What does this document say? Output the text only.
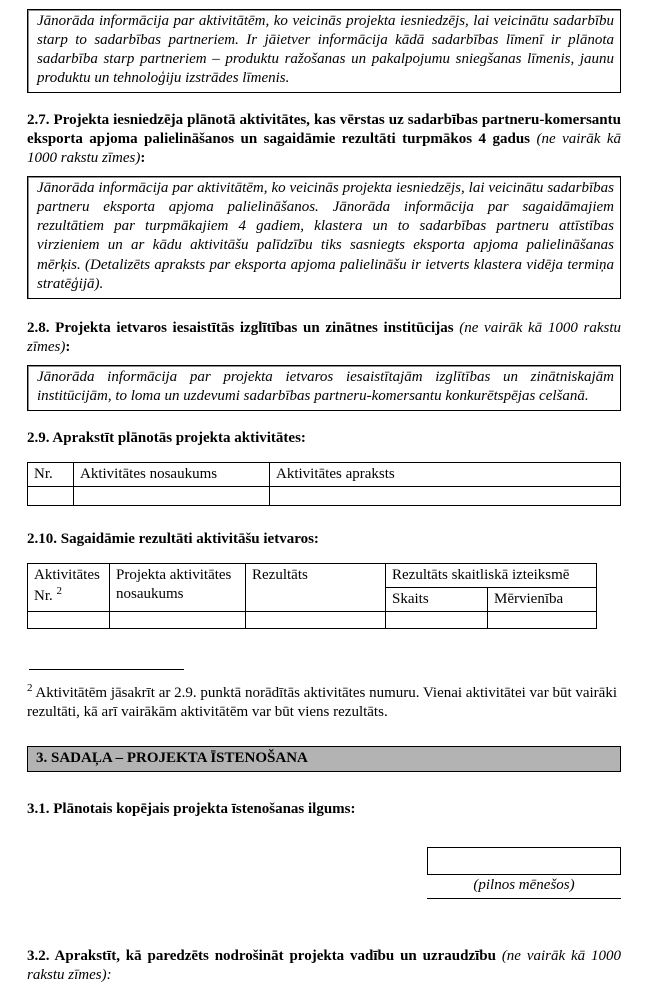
Jānorāda informācija par aktivitātēm, ko veicinās projekta iesniedzējs, lai veicinātu sadarbību starp to sadarbības partneriem. Ir jāietver informācija kādā sadarbības līmenī ir plānota sadarbība starp partneriem – produktu ražošanas un pakalpojumu sniegšanas līmenis, jaunu produktu un tehnoloģiju izstrādes līmenis.

2.7. Projekta iesniedzēja plānotā aktivitātes, kas vērstas uz sadarbības partneru-komersantu eksporta apjoma palielināšanos un sagaidāmie rezultāti turpmākos 4 gadus (ne vairāk kā 1000 rakstu zīmes):

Jānorāda informācija par aktivitātēm, ko veicinās projekta iesniedzējs, lai veicinātu sadarbības partneru eksporta apjoma palielināšanos. Jānorāda informācija par sagaidāmajiem rezultātiem par turpmākajiem 4 gadiem, klastera un to sadarbības partneru attīstības virzieniem un ar kādu aktivitāšu palīdzību tiks sasniegts eksporta apjoma palielināšanas mērķis. (Detalizēts apraksts par eksporta apjoma palielināšu ir ietverts klastera vidēja termiņa stratēģijā).

2.8. Projekta ietvaros iesaistītās izglītības un zinātnes institūcijas (ne vairāk kā 1000 rakstu zīmes):

Jānorāda informācija par projekta ietvaros iesaistītajām izglītības un zinātniskajām institūcijām, to loma un uzdevumi sadarbības partneru-komersantu konkurētspējas celšanā.

2.9. Aprakstīt plānotās projekta aktivitātes:

Nr.	Aktivitātes nosaukums	Aktivitātes apraksts

2.10. Sagaidāmie rezultāti aktivitāšu ietvaros:

Aktivitātes Nr. $^2$	Projekta aktivitātes nosaukums	Rezultāts	Rezultāts skaitliskā izteiksmē	
			Skaits	Mērvienība

$^2$ Aktivitātēm jāsakrīt ar 2.9. punktā norādītās aktivitātes numuru. Vienai aktivitātei var būt vairāki rezultāti, kā arī vairākām aktivitātēm var būt viens rezultāts.

3. SADAĻA – PROJEKTA ĪSTENOŠANA

3.1. Plānotais kopējais projekta īstenošanas ilgums:

(pilnos mēnešos)

3.2. Aprakstīt, kā paredzēts nodrošināt projekta vadību un uzraudzību (ne vairāk kā 1000 rakstu zīmes):
